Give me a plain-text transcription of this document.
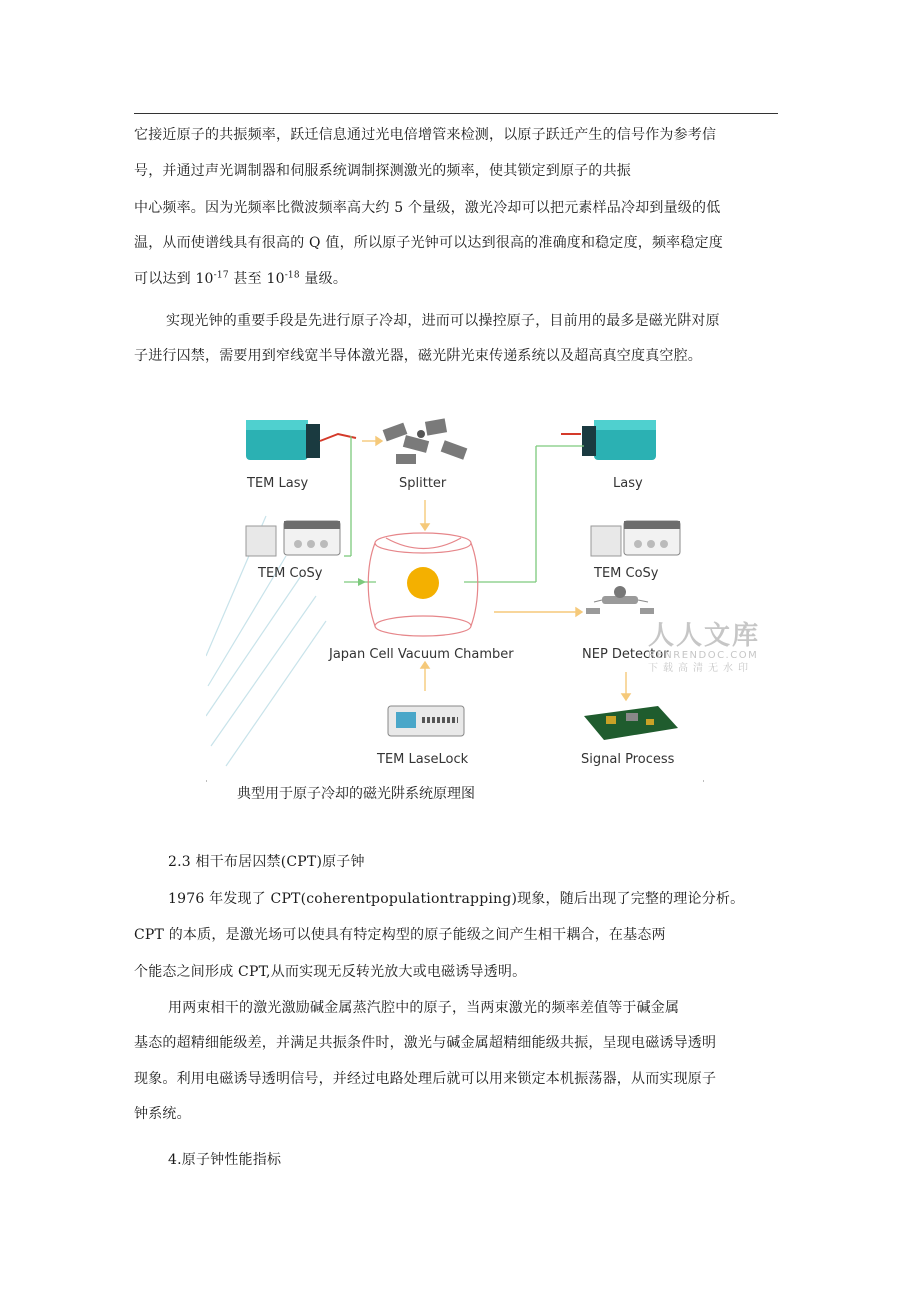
它接近原子的共振频率，跃迁信息通过光电倍增管来检测，以原子跃迁产生的信号作为参考信
号，并通过声光调制器和伺服系统调制探测激光的频率，使其锁定到原子的共振
中心频率。因为光频率比微波频率高大约 5 个量级，激光冷却可以把元素样品冷却到量级的低
温，从而使谱线具有很高的 Q 值，所以原子光钟可以达到很高的准确度和稳定度，频率稳定度
可以达到 $10^{-17}$ 甚至 $10^{-18}$ 量级。
实现光钟的重要手段是先进行原子冷却，进而可以操控原子，目前用的最多是磁光阱对原
子进行囚禁，需要用到窄线宽半导体激光器，磁光阱光束传递系统以及超高真空度真空腔。
TEM Lasy	Splitter	Lasy
TEM CoSy	TEM CoSy
Japan Cell Vacuum Chamber	NEP Detector
TEM LaseLock	Signal Process
典型用于原子冷却的磁光阱系统原理图
人人文库
RENRENDOC.COM
下载高清无水印
2.3 相干布居囚禁(CPT)原子钟
1976 年发现了 CPT(coherentpopulationtrapping)现象，随后出现了完整的理论分析。
CPT 的本质，是激光场可以使具有特定构型的原子能级之间产生相干耦合，在基态两
个能态之间形成 CPT,从而实现无反转光放大或电磁诱导透明。
用两束相干的激光激励碱金属蒸汽腔中的原子，当两束激光的频率差值等于碱金属
基态的超精细能级差，并满足共振条件时，激光与碱金属超精细能级共振，呈现电磁诱导透明
现象。利用电磁诱导透明信号，并经过电路处理后就可以用来锁定本机振荡器，从而实现原子
钟系统。
4.原子钟性能指标
